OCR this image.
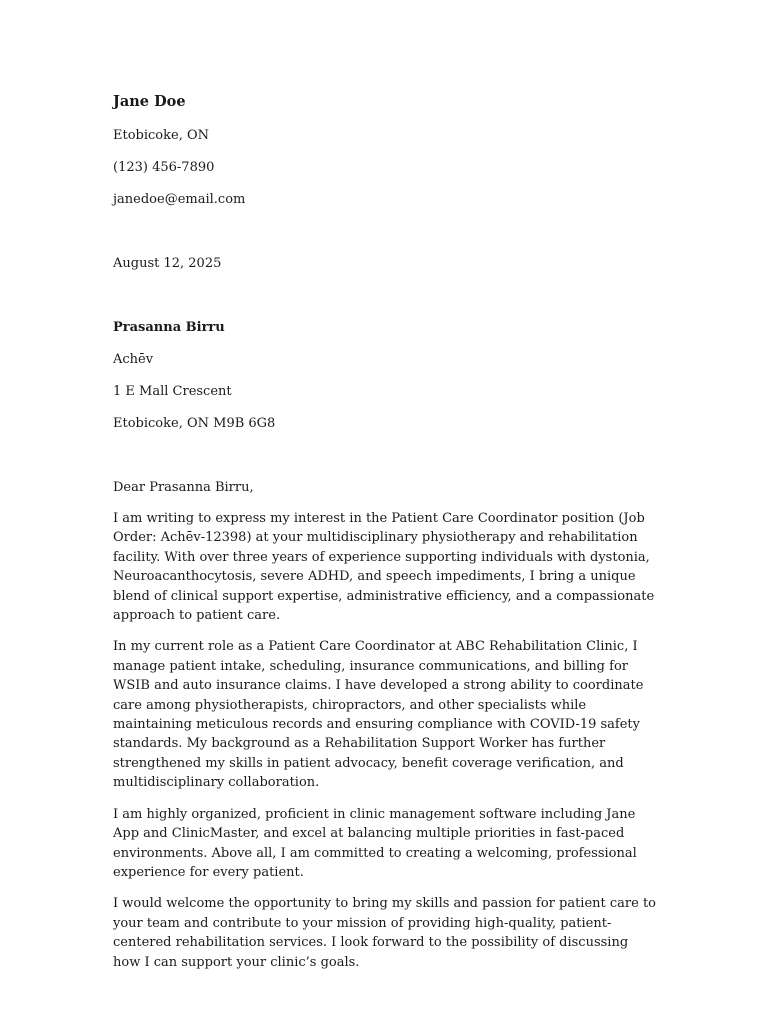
Jane Doe

Etobicoke, ON

(123) 456-7890

janedoe@email.com

August 12, 2025

Prasanna Birru

Achēv

1 E Mall Crescent

Etobicoke, ON M9B 6G8

Dear Prasanna Birru,

I am writing to express my interest in the Patient Care Coordinator position (Job Order: Achēv-12398) at your multidisciplinary physiotherapy and rehabilitation facility. With over three years of experience supporting individuals with dystonia, Neuroacanthocytosis, severe ADHD, and speech impediments, I bring a unique blend of clinical support expertise, administrative efficiency, and a compassionate approach to patient care.

In my current role as a Patient Care Coordinator at ABC Rehabilitation Clinic, I manage patient intake, scheduling, insurance communications, and billing for WSIB and auto insurance claims. I have developed a strong ability to coordinate care among physiotherapists, chiropractors, and other specialists while maintaining meticulous records and ensuring compliance with COVID-19 safety standards. My background as a Rehabilitation Support Worker has further strengthened my skills in patient advocacy, benefit coverage verification, and multidisciplinary collaboration.

I am highly organized, proficient in clinic management software including Jane App and ClinicMaster, and excel at balancing multiple priorities in fast-paced environments. Above all, I am committed to creating a welcoming, professional experience for every patient.

I would welcome the opportunity to bring my skills and passion for patient care to your team and contribute to your mission of providing high-quality, patient-centered rehabilitation services. I look forward to the possibility of discussing how I can support your clinic’s goals.
